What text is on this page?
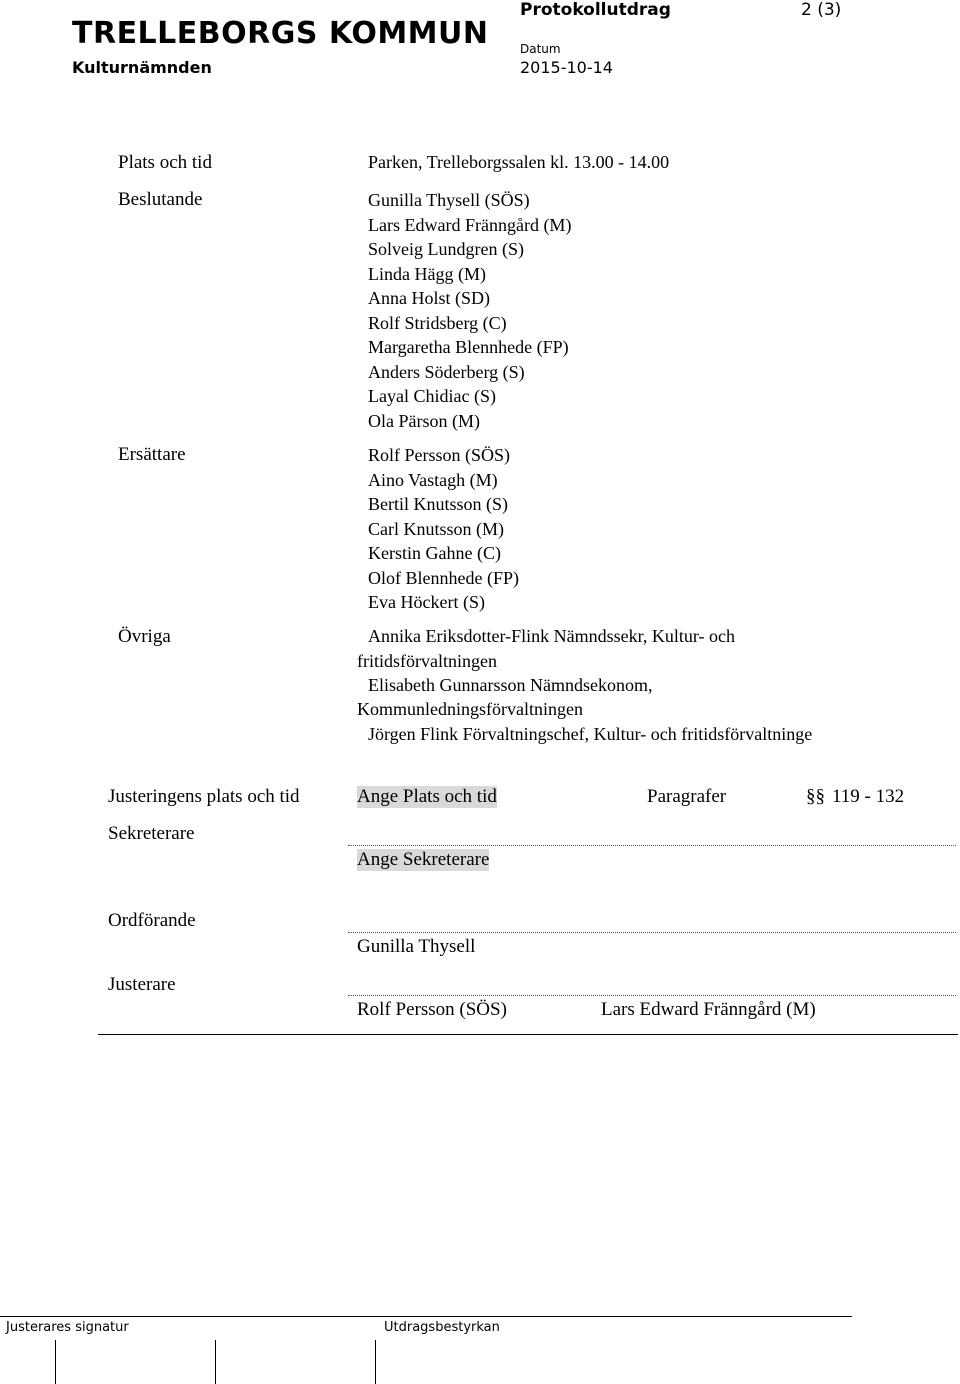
TRELLEBORGS KOMMUN
Kulturnämnden
Protokollutdrag	2 (3)
Datum
2015-10-14
Plats och tid	Parken, Trelleborgssalen kl. 13.00 - 14.00
Beslutande	Gunilla Thysell (SÖS)
Lars Edward Fränngård (M)
Solveig Lundgren (S)
Linda Hägg (M)
Anna Holst (SD)
Rolf Stridsberg (C)
Margaretha Blennhede (FP)
Anders Söderberg (S)
Layal Chidiac (S)
Ola Pärson (M)
Ersättare	Rolf Persson (SÖS)
Aino Vastagh (M)
Bertil Knutsson (S)
Carl Knutsson (M)
Kerstin Gahne (C)
Olof Blennhede (FP)
Eva Höckert (S)
Övriga	Annika Eriksdotter-Flink Nämndssekr, Kultur- och
fritidsförvaltningen
Elisabeth Gunnarsson Nämndsekonom,
Kommunledningsförvaltningen
Jörgen Flink Förvaltningschef, Kultur- och fritidsförvaltninge
Justeringens plats och tid	Ange Plats och tid	Paragrafer	§§ 119 - 132
Sekreterare
Ange Sekreterare
Ordförande
Gunilla Thysell
Justerare
Rolf Persson (SÖS)	Lars Edward Fränngård (M)
Justerares signatur	Utdragsbestyrkan
